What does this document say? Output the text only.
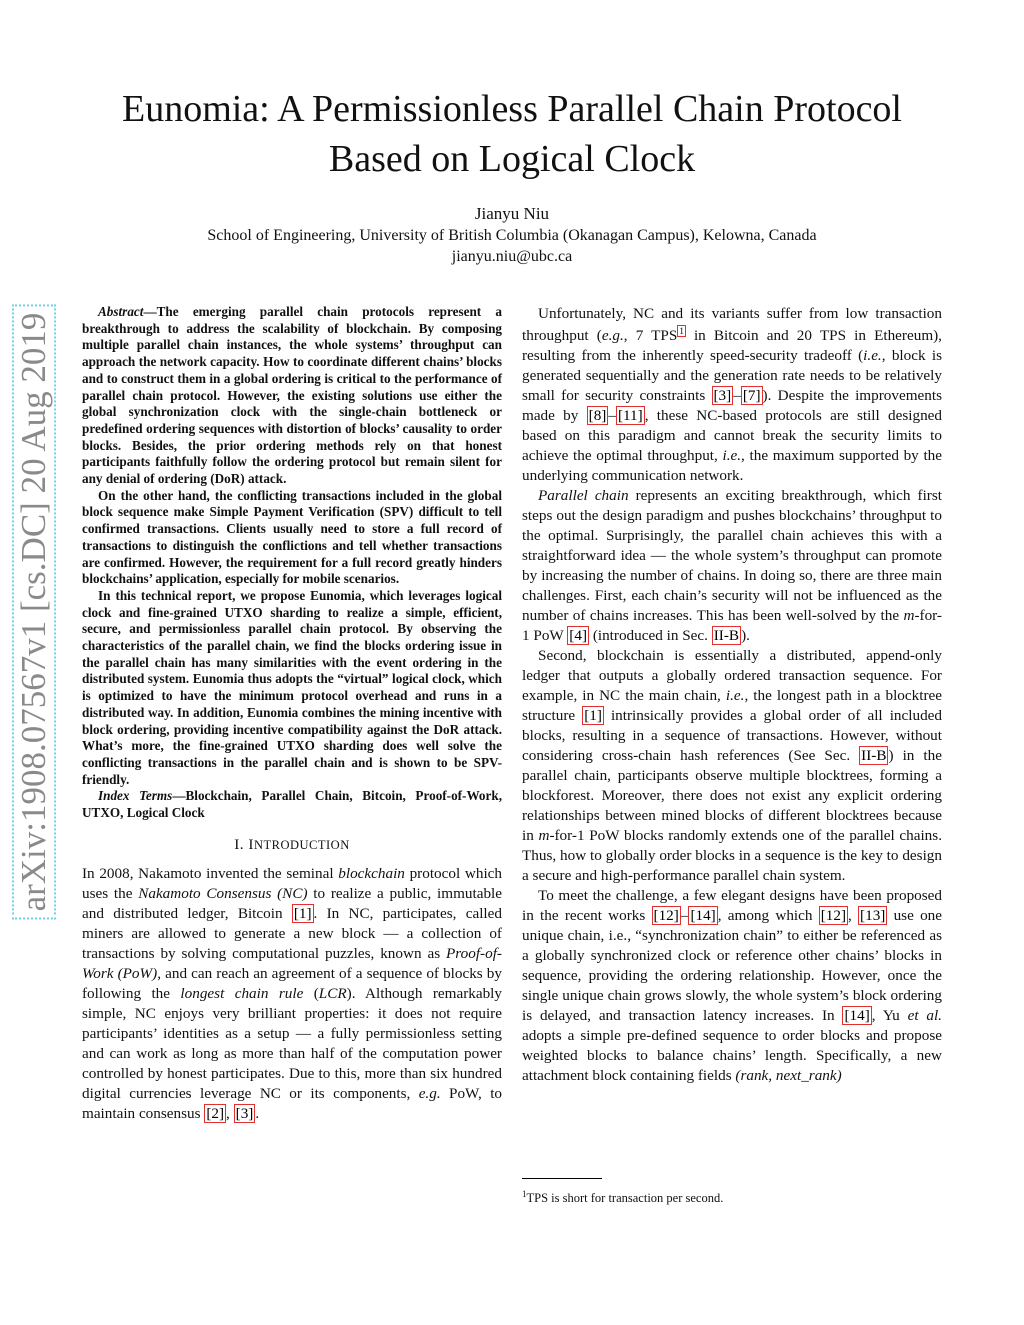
Eunomia: A Permissionless Parallel Chain Protocol
Based on Logical Clock
Jianyu Niu
School of Engineering, University of British Columbia (Okanagan Campus), Kelowna, Canada
jianyu.niu@ubc.ca
arXiv:1908.07567v1 [cs.DC] 20 Aug 2019

Abstract—The emerging parallel chain protocols represent a breakthrough to address the scalability of blockchain. By composing multiple parallel chain instances, the whole systems’ throughput can approach the network capacity. How to coordinate different chains’ blocks and to construct them in a global ordering is critical to the performance of parallel chain protocol. However, the existing solutions use either the global synchronization clock with the single-chain bottleneck or predefined ordering sequences with distortion of blocks’ causality to order blocks. Besides, the prior ordering methods rely on that honest participants faithfully follow the ordering protocol but remain silent for any denial of ordering (DoR) attack.

On the other hand, the conflicting transactions included in the global block sequence make Simple Payment Verification (SPV) difficult to tell confirmed transactions. Clients usually need to store a full record of transactions to distinguish the conflictions and tell whether transactions are confirmed. However, the requirement for a full record greatly hinders blockchains’ application, especially for mobile scenarios.

In this technical report, we propose Eunomia, which leverages logical clock and fine-grained UTXO sharding to realize a simple, efficient, secure, and permissionless parallel chain protocol. By observing the characteristics of the parallel chain, we find the blocks ordering issue in the parallel chain has many similarities with the event ordering in the distributed system. Eunomia thus adopts the “virtual” logical clock, which is optimized to have the minimum protocol overhead and runs in a distributed way. In addition, Eunomia combines the mining incentive with block ordering, providing incentive compatibility against the DoR attack. What’s more, the fine-grained UTXO sharding does well solve the conflicting transactions in the parallel chain and is shown to be SPV-friendly.

Index Terms—Blockchain, Parallel Chain, Bitcoin, Proof-of-Work, UTXO, Logical Clock

I. INTRODUCTION

In 2008, Nakamoto invented the seminal blockchain protocol which uses the Nakamoto Consensus (NC) to realize a public, immutable and distributed ledger, Bitcoin [1] . In NC, participates, called miners are allowed to generate a new block — a collection of transactions by solving computational puzzles, known as Proof-of-Work (PoW), and can reach an agreement of a sequence of blocks by following the longest chain rule (LCR). Although remarkably simple, NC enjoys very brilliant properties: it does not require participants’ identities as a setup — a fully permissionless setting and can work as long as more than half of the computation power controlled by honest participates. Due to this, more than six hundred digital currencies leverage NC or its components, e.g. PoW, to maintain consensus [2] , [3] .

Unfortunately, NC and its variants suffer from low transaction throughput (e.g., 7 TPS $^1$ in Bitcoin and 20 TPS in Ethereum), resulting from the inherently speed-security tradeoff (i.e., block is generated sequentially and the generation rate needs to be relatively small for security constraints [3] – [7] ). Despite the improvements made by [8] – [11] , these NC-based protocols are still designed based on this paradigm and cannot break the security limits to achieve the optimal throughput, i.e., the maximum supported by the underlying communication network.

Parallel chain represents an exciting breakthrough, which first steps out the design paradigm and pushes blockchains’ throughput to the optimal. Surprisingly, the parallel chain achieves this with a straightforward idea — the whole system’s throughput can promote by increasing the number of chains. In doing so, there are three main challenges. First, each chain’s security will not be influenced as the number of chains increases. This has been well-solved by the m-for-1 PoW [4] (introduced in Sec. II-B ).

Second, blockchain is essentially a distributed, append-only ledger that outputs a globally ordered transaction sequence. For example, in NC the main chain, i.e., the longest path in a blocktree structure [1] intrinsically provides a global order of all included blocks, resulting in a sequence of transactions. However, without considering cross-chain hash references (See Sec. II-B ) in the parallel chain, participants observe multiple blocktrees, forming a blockforest. Moreover, there does not exist any explicit ordering relationships between mined blocks of different blocktrees because in m-for-1 PoW blocks randomly extends one of the parallel chains. Thus, how to globally order blocks in a sequence is the key to design a secure and high-performance parallel chain system.

To meet the challenge, a few elegant designs have been proposed in the recent works [12] – [14] , among which [12] , [13] use one unique chain, i.e., “synchronization chain” to either be referenced as a globally synchronized clock or reference other chains’ blocks in sequence, providing the ordering relationship. However, once the single unique chain grows slowly, the whole system’s block ordering is delayed, and transaction latency increases. In [14] , Yu et al. adopts a simple pre-defined sequence to order blocks and propose weighted blocks to balance chains’ length. Specifically, a new attachment block containing fields (rank, next_rank)

$^1$TPS is short for transaction per second.
